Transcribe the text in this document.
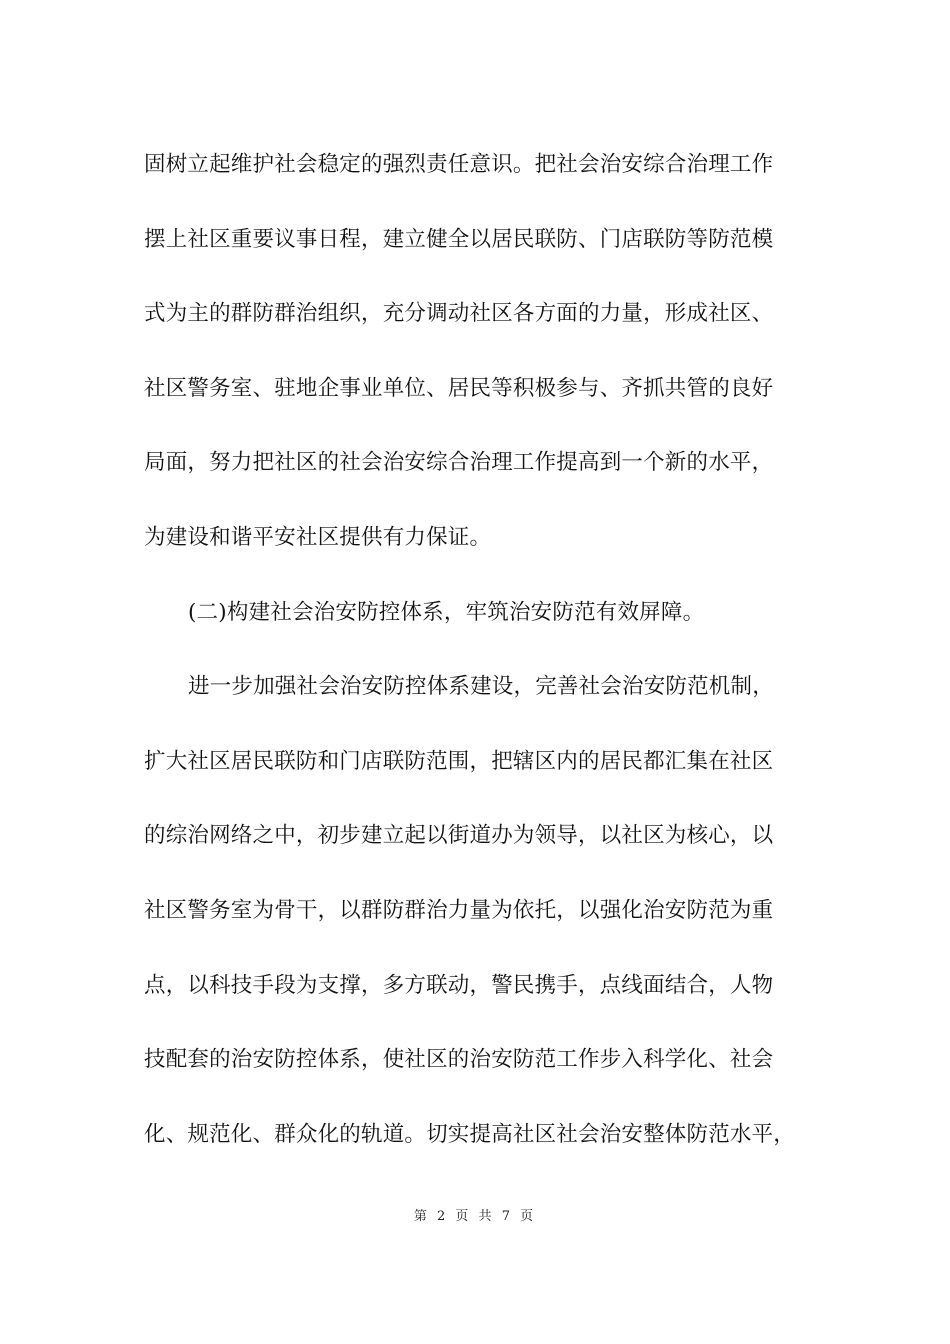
固树立起维护社会稳定的强烈责任意识。把社会治安综合治理工作
摆上社区重要议事日程，建立健全以居民联防、门店联防等防范模
式为主的群防群治组织，充分调动社区各方面的力量，形成社区、
社区警务室、驻地企事业单位、居民等积极参与、齐抓共管的良好
局面，努力把社区的社会治安综合治理工作提高到一个新的水平，
为建设和谐平安社区提供有力保证。
(二)构建社会治安防控体系，牢筑治安防范有效屏障。
进一步加强社会治安防控体系建设，完善社会治安防范机制，
扩大社区居民联防和门店联防范围，把辖区内的居民都汇集在社区
的综治网络之中，初步建立起以街道办为领导，以社区为核心，以
社区警务室为骨干，以群防群治力量为依托，以强化治安防范为重
点，以科技手段为支撑，多方联动，警民携手，点线面结合，人物
技配套的治安防控体系，使社区的治安防范工作步入科学化、社会
化、规范化、群众化的轨道。切实提高社区社会治安整体防范水平，
第 2 页 共 7 页
